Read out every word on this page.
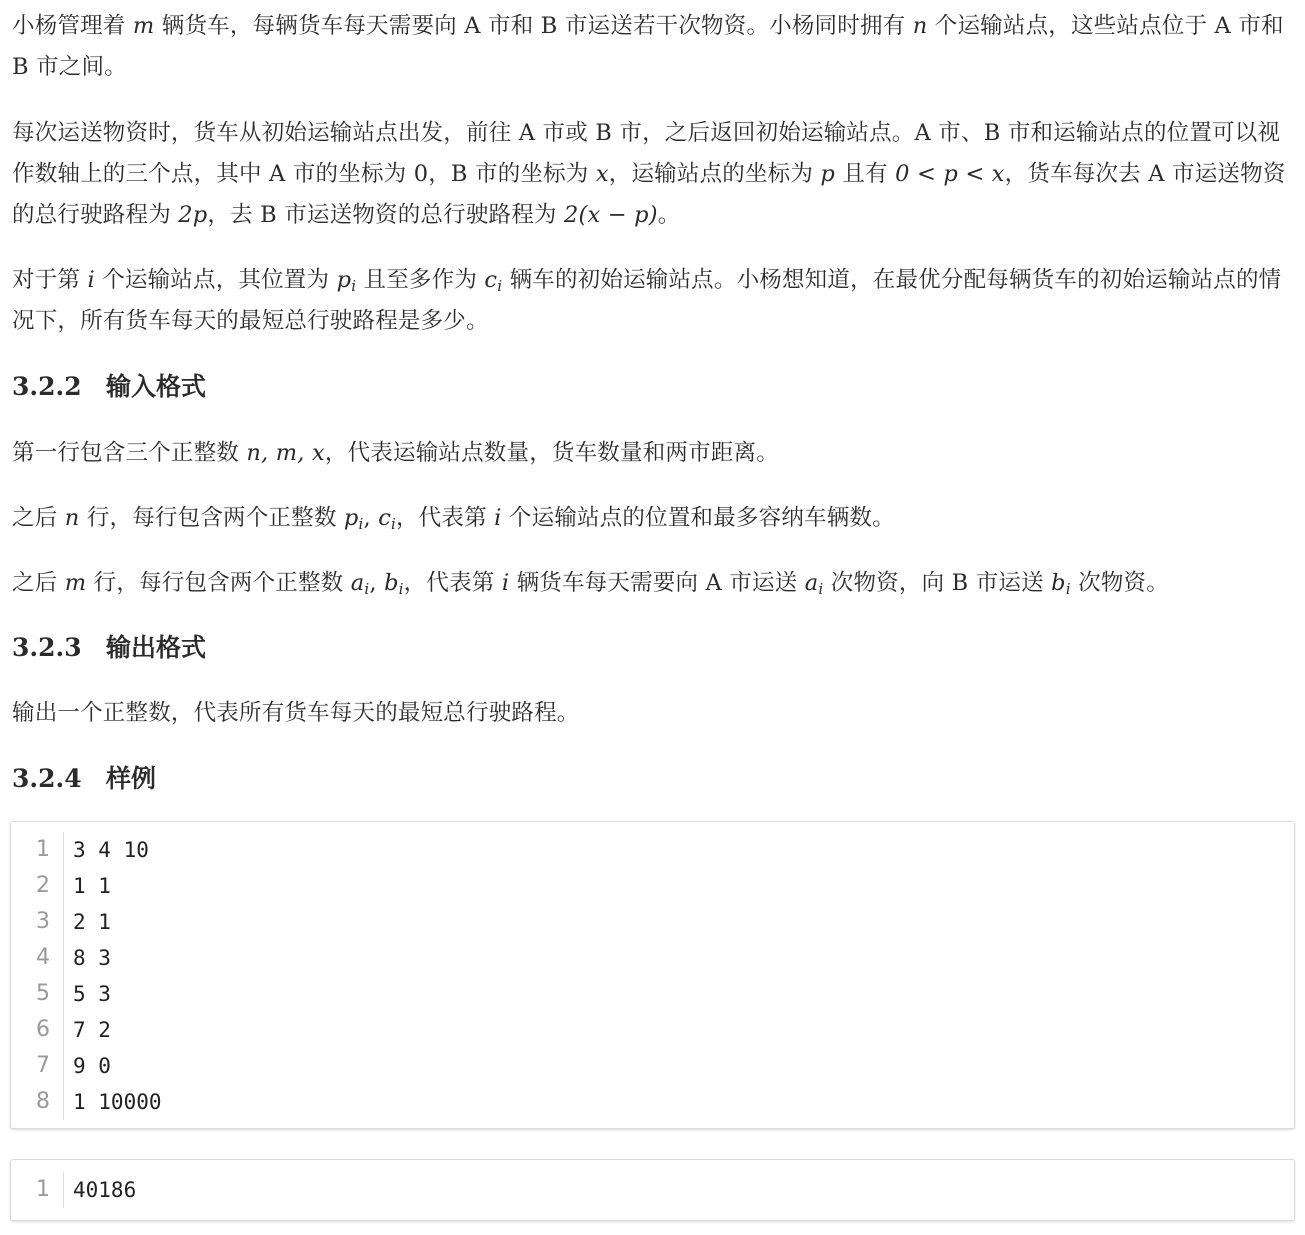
小杨管理着 m 辆货车，每辆货车每天需要向 A 市和 B 市运送若干次物资。小杨同时拥有 n 个运输站点，这些站点位于 A 市和 B 市之间。

每次运送物资时，货车从初始运输站点出发，前往 A 市或 B 市，之后返回初始运输站点。A 市、B 市和运输站点的位置可以视作数轴上的三个点，其中 A 市的坐标为 0，B 市的坐标为 x，运输站点的坐标为 p 且有 0 < p < x，货车每次去 A 市运送物资的总行驶路程为 2p，去 B 市运送物资的总行驶路程为 2(x − p)。

对于第 i 个运输站点，其位置为 $p_i$ 且至多作为 $c_i$ 辆车的初始运输站点。小杨想知道，在最优分配每辆货车的初始运输站点的情况下，所有货车每天的最短总行驶路程是多少。

3.2.2 输入格式

第一行包含三个正整数 n, m, x，代表运输站点数量，货车数量和两市距离。

之后 n 行，每行包含两个正整数 $p_i$, $c_i$，代表第 i 个运输站点的位置和最多容纳车辆数。

之后 m 行，每行包含两个正整数 $a_i$, $b_i$，代表第 i 辆货车每天需要向 A 市运送 $a_i$ 次物资，向 B 市运送 $b_i$ 次物资。

3.2.3 输出格式

输出一个正整数，代表所有货车每天的最短总行驶路程。

3.2.4 样例
1	3 4 10
2	1 1
3	2 1
4	8 3
5	5 3
6	7 2
7	9 0
8	1 10000
1	40186
